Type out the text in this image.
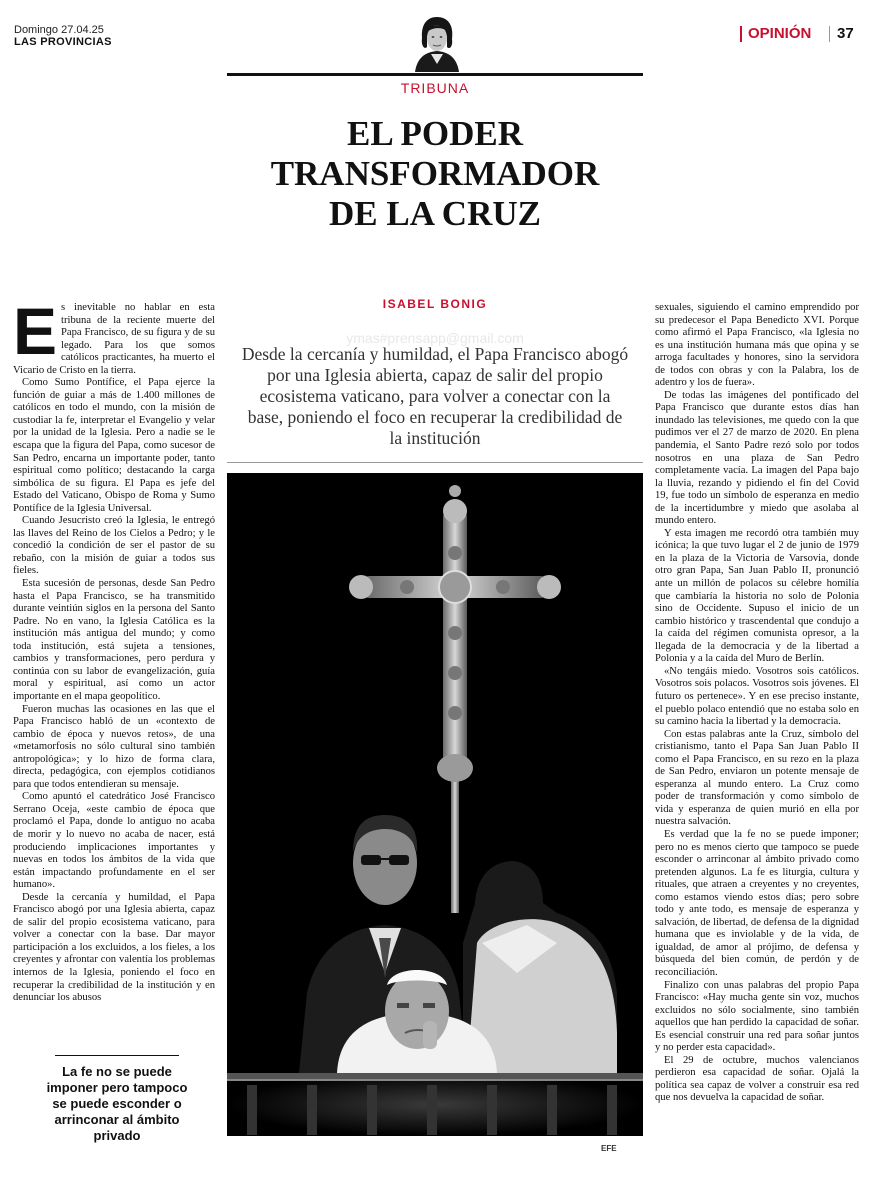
Domingo 27.04.25
LAS PROVINCIAS	OPINIÓN	37
TRIBUNA
EL PODER
TRANSFORMADOR
DE LA CRUZ
ISABEL BONIG
ymas#prensapp@gmail.com
Desde la cercanía y humildad, el Papa Francisco abogó por una Iglesia abierta, capaz de salir del propio ecosistema vaticano, para volver a conectar con la base, poniendo el foco en recuperar la credibilidad de la institución
EFE
E s inevitable no hablar en esta tribuna de la reciente muerte del Papa Francisco, de su figura y de su legado. Para los que somos católicos practicantes, ha muerto el Vicario de Cristo en la tierra.

Como Sumo Pontífice, el Papa ejerce la función de guiar a más de 1.400 millones de católicos en todo el mundo, con la misión de custodiar la fe, interpretar el Evangelio y velar por la unidad de la Iglesia. Pero a nadie se le escapa que la figura del Papa, como sucesor de San Pedro, encarna un importante poder, tanto espiritual como político; destacando la carga simbólica de su figura. El Papa es jefe del Estado del Vaticano, Obispo de Roma y Sumo Pontífice de la Iglesia Universal.

Cuando Jesucristo creó la Iglesia, le entregó las llaves del Reino de los Cielos a Pedro; y le concedió la condición de ser el pastor de su rebaño, con la misión de guiar a todos sus fieles.

Esta sucesión de personas, desde San Pedro hasta el Papa Francisco, se ha transmitido durante veintiún siglos en la persona del Santo Padre. No en vano, la Iglesia Católica es la institución más antigua del mundo; y como toda institución, está sujeta a tensiones, cambios y transformaciones, pero perdura y continúa con su labor de evangelización, guía moral y espiritual, así como un actor importante en el mapa geopolítico.

Fueron muchas las ocasiones en las que el Papa Francisco habló de un «contexto de cambio de época y nuevos retos», de una «metamorfosis no sólo cultural sino también antropológica»; y lo hizo de forma clara, directa, pedagógica, con ejemplos cotidianos para que todos entendieran su mensaje.

Como apuntó el catedrático José Francisco Serrano Oceja, «este cambio de época que proclamó el Papa, donde lo antiguo no acaba de morir y lo nuevo no acaba de nacer, está produciendo implicaciones importantes y nuevas en todos los ámbitos de la vida que están impactando profundamente en el ser humano».

Desde la cercanía y humildad, el Papa Francisco abogó por una Iglesia abierta, capaz de salir del propio ecosistema vaticano, para volver a conectar con la base. Dar mayor participación a los excluidos, a los fieles, a los creyentes y afrontar con valentía los problemas internos de la Iglesia, poniendo el foco en recuperar la credibilidad de la institución y en denunciar los abusos

La fe no se puede imponer pero tampoco se puede esconder o arrinconar al ámbito privado

sexuales, siguiendo el camino emprendido por su predecesor el Papa Benedicto XVI. Porque como afirmó el Papa Francisco, «la Iglesia no es una institución humana más que opina y se arroga facultades y honores, sino la servidora de todos con obras y con la Palabra, los de adentro y los de fuera».

De todas las imágenes del pontificado del Papa Francisco que durante estos días han inundado las televisiones, me quedo con la que pudimos ver el 27 de marzo de 2020. En plena pandemia, el Santo Padre rezó solo por todos nosotros en una plaza de San Pedro completamente vacía. La imagen del Papa bajo la lluvia, rezando y pidiendo el fin del Covid 19, fue todo un símbolo de esperanza en medio de la incertidumbre y miedo que asolaba al mundo entero.

Y esta imagen me recordó otra también muy icónica; la que tuvo lugar el 2 de junio de 1979 en la plaza de la Victoria de Varsovia, donde otro gran Papa, San Juan Pablo II, pronunció ante un millón de polacos su célebre homilía que cambiaría la historia no solo de Polonia sino de Occidente. Supuso el inicio de un cambio histórico y trascendental que condujo a la caída del régimen comunista opresor, a la llegada de la democracia y de la libertad a Polonia y a la caída del Muro de Berlín.

«No tengáis miedo. Vosotros sois católicos. Vosotros sois polacos. Vosotros sois jóvenes. El futuro os pertenece». Y en ese preciso instante, el pueblo polaco entendió que no estaba solo en su camino hacia la libertad y la democracia.

Con estas palabras ante la Cruz, símbolo del cristianismo, tanto el Papa San Juan Pablo II como el Papa Francisco, en su rezo en la plaza de San Pedro, enviaron un potente mensaje de esperanza al mundo entero. La Cruz como poder de transformación y como símbolo de vida y esperanza de quien murió en ella por nuestra salvación.

Es verdad que la fe no se puede imponer; pero no es menos cierto que tampoco se puede esconder o arrinconar al ámbito privado como pretenden algunos. La fe es liturgia, cultura y rituales, que atraen a creyentes y no creyentes, como estamos viendo estos días; pero sobre todo y ante todo, es mensaje de esperanza y salvación, de libertad, de defensa de la dignidad humana que es inviolable y de la vida, de igualdad, de amor al prójimo, de defensa y búsqueda del bien común, de perdón y de reconciliación.

Finalizo con unas palabras del propio Papa Francisco: «Hay mucha gente sin voz, muchos excluidos no sólo socialmente, sino también aquellos que han perdido la capacidad de soñar. Es esencial construir una red para soñar juntos y no perder esta capacidad».

El 29 de octubre, muchos valencianos perdieron esa capacidad de soñar. Ojalá la política sea capaz de volver a construir esa red que nos devuelva la capacidad de soñar.
